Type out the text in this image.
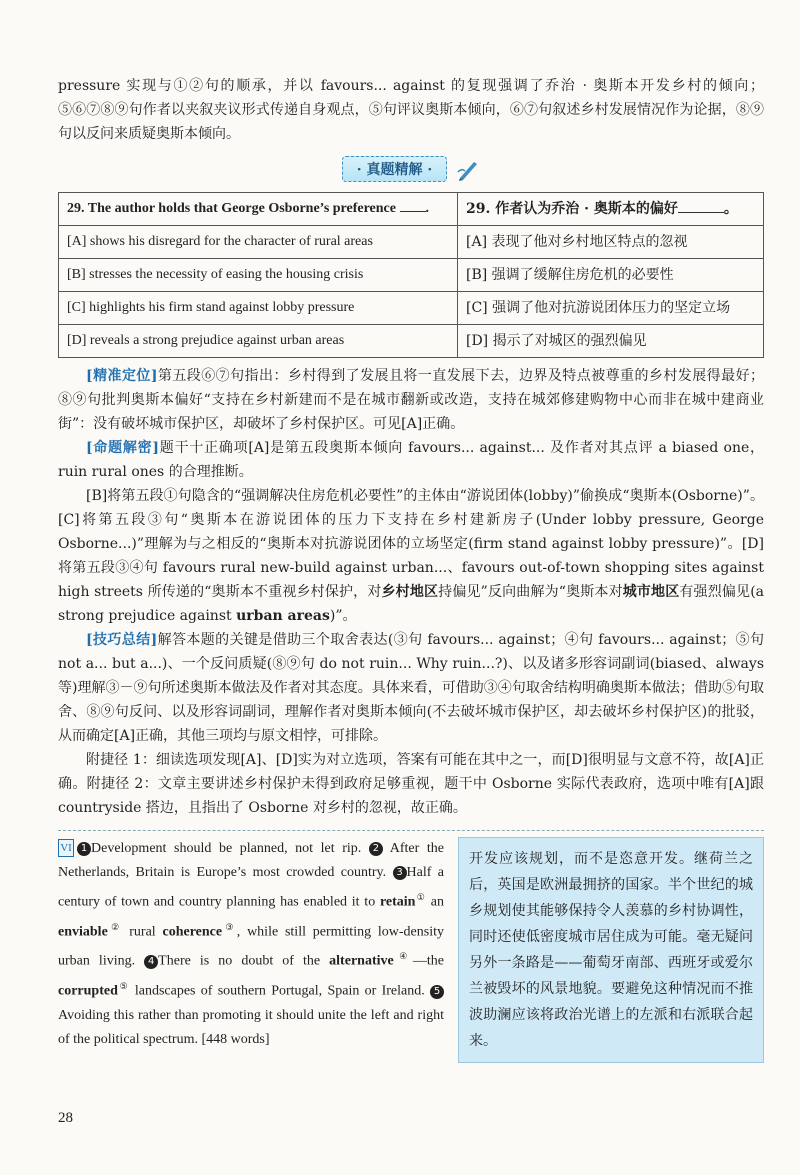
pressure 实现与①②句的顺承，并以 favours... against 的复现强调了乔治 · 奥斯本开发乡村的倾向；⑤⑥⑦⑧⑨句作者以夹叙夹议形式传递自身观点，⑤句评议奥斯本倾向，⑥⑦句叙述乡村发展情况作为论据，⑧⑨句以反问来质疑奥斯本倾向。

· 真题精解 ·
29. The author holds that George Osborne’s preference .	29. 作者认为乔治 · 奥斯本的偏好 。
[A] shows his disregard for the character of rural areas	[A] 表现了他对乡村地区特点的忽视
[B] stresses the necessity of easing the housing crisis	[B] 强调了缓解住房危机的必要性
[C] highlights his firm stand against lobby pressure	[C] 强调了他对抗游说团体压力的坚定立场
[D] reveals a strong prejudice against urban areas	[D] 揭示了对城区的强烈偏见

[精准定位]第五段⑥⑦句指出：乡村得到了发展且将一直发展下去，边界及特点被尊重的乡村发展得最好；⑧⑨句批判奥斯本偏好“支持在乡村新建而不是在城市翻新或改造，支持在城郊修建购物中心而非在城中建商业街”：没有破坏城市保护区，却破坏了乡村保护区。可见[A]正确。

[命题解密]题干十正确项[A]是第五段奥斯本倾向 favours... against... 及作者对其点评 a biased one，ruin rural ones 的合理推断。

[B]将第五段①句隐含的“强调解决住房危机必要性”的主体由“游说团体(lobby)”偷换成“奥斯本(Osborne)”。[C]将第五段③句“奥斯本在游说团体的压力下支持在乡村建新房子(Under lobby pressure, George Osborne...)”理解为与之相反的“奥斯本对抗游说团体的立场坚定(firm stand against lobby pressure)”。[D]将第五段③④句 favours rural new-build against urban...、favours out-of-town shopping sites against high streets 所传递的“奥斯本不重视乡村保护，对乡村地区持偏见”反向曲解为“奥斯本对城市地区有强烈偏见(a strong prejudice against urban areas)”。

[技巧总结]解答本题的关键是借助三个取舍表达(③句 favours... against；④句 favours... against；⑤句 not a... but a...)、一个反问质疑(⑧⑨句 do not ruin... Why ruin...?)、以及诸多形容词副词(biased、always 等)理解③－⑨句所述奥斯本做法及作者对其态度。具体来看，可借助③④句取舍结构明确奥斯本做法；借助⑤句取舍、⑧⑨句反问、以及形容词副词，理解作者对奥斯本倾向(不去破坏城市保护区，却去破坏乡村保护区)的批驳，从而确定[A]正确，其他三项均与原文相悖，可排除。

附捷径 1：细读选项发现[A]、[D]实为对立选项，答案有可能在其中之一，而[D]很明显与文意不符，故[A]正确。附捷径 2：文章主要讲述乡村保护未得到政府足够重视，题干中 Osborne 实际代表政府，选项中唯有[A]跟 countryside 搭边，且指出了 Osborne 对乡村的忽视，故正确。

VI 1 Development should be planned, not let rip. 2 After the Netherlands, Britain is Europe’s most crowded country. 3 Half a century of town and country planning has enabled it to retain① an enviable② rural coherence③, while still permitting low-density urban living. 4 There is no doubt of the alternative④—the corrupted⑤ landscapes of southern Portugal, Spain or Ireland. 5Avoiding this rather than promoting it should unite the left and right of the political spectrum. [448 words]
开发应该规划，而不是恣意开发。继荷兰之后，英国是欧洲最拥挤的国家。半个世纪的城乡规划使其能够保持令人羡慕的乡村协调性，同时还使低密度城市居住成为可能。毫无疑问另外一条路是——葡萄牙南部、西班牙或爱尔兰被毁坏的风景地貌。要避免这种情况而不推波助澜应该将政治光谱上的左派和右派联合起来。
28
